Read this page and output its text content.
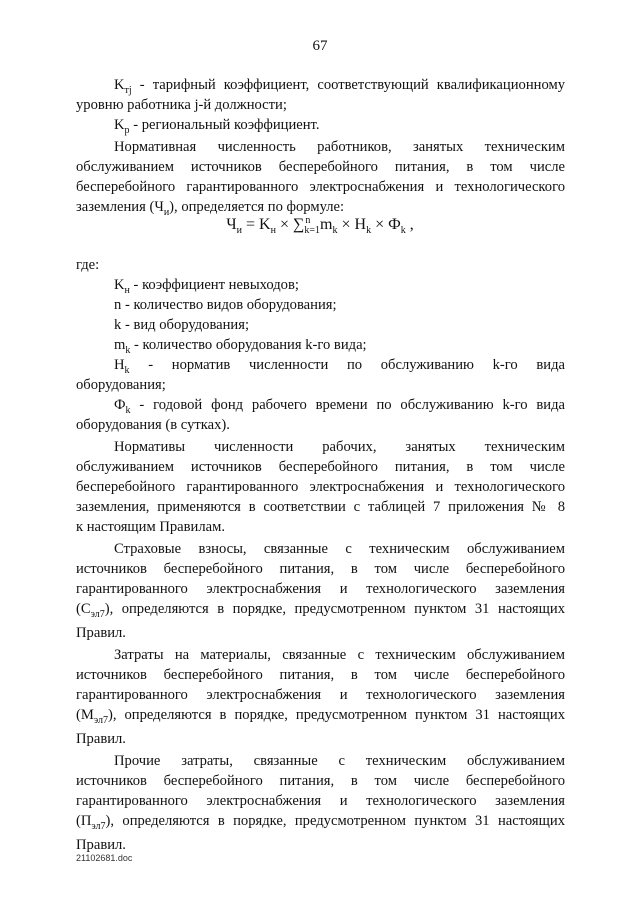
67
$K_{тj}$ - тарифный коэффициент, соответствующий квалификационному
уровню работника j-й должности;
$K_р$ - региональный коэффициент.
Нормативная численность работников, занятых техническим
обслуживанием источников бесперебойного питания, в том числе
бесперебойного гарантированного электроснабжения и технологического
заземления $(Ч_и)$, определяется по формуле:
где:
$K_н$ - коэффициент невыходов;
n - количество видов оборудования;
k - вид оборудования;
$m_k$ - количество оборудования k-го вида;
$H_k$ - норматив численности по обслуживанию k-го вида
оборудования;
$Ф_k$ - годовой фонд рабочего времени по обслуживанию k-го вида
оборудования (в сутках).
Нормативы численности рабочих, занятых техническим
обслуживанием источников бесперебойного питания, в том числе
бесперебойного гарантированного электроснабжения и технологического
заземления, применяются в соответствии с таблицей 7 приложения № 8
к настоящим Правилам.
Страховые взносы, связанные с техническим обслуживанием
источников бесперебойного питания, в том числе бесперебойного
гарантированного электроснабжения и технологического заземления
$(C_{эл7})$, определяются в порядке, предусмотренном пунктом 31 настоящих
Правил.
Затраты на материалы, связанные с техническим обслуживанием
источников бесперебойного питания, в том числе бесперебойного
гарантированного электроснабжения и технологического заземления
$(M_{эл7})$, определяются в порядке, предусмотренном пунктом 31 настоящих
Правил.
Прочие затраты, связанные с техническим обслуживанием
источников бесперебойного питания, в том числе бесперебойного
гарантированного электроснабжения и технологического заземления
$(П_{эл7})$, определяются в порядке, предусмотренном пунктом 31 настоящих
Правил.
$Ч_и = K_н \times \sum^n_{k=1}m_k \times H_k \times Ф_k$ ,
21102681.doc
